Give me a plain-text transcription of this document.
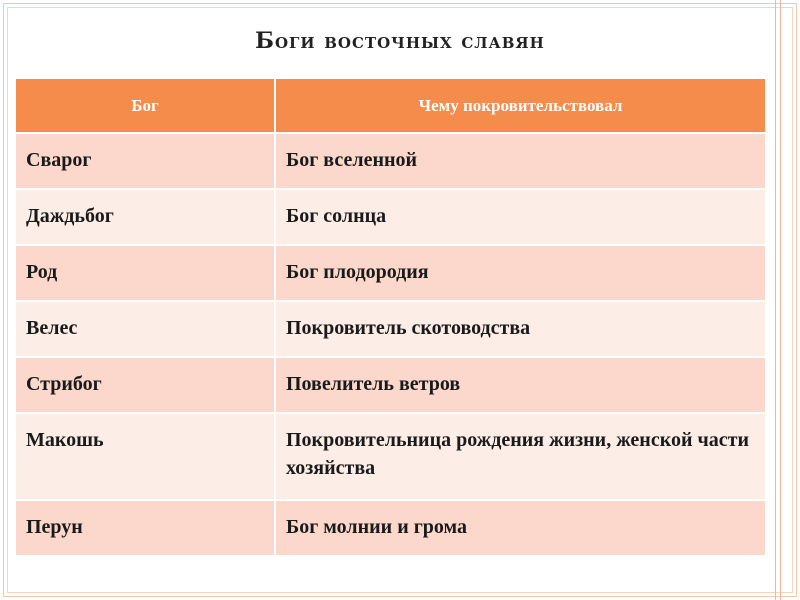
Боги восточных славян
Бог	Чему покровительствовал
Сварог	Бог вселенной
Даждьбог	Бог солнца
Род	Бог плодородия
Велес	Покровитель скотоводства
Стрибог	Повелитель ветров
Макошь	Покровительница рождения жизни, женской части хозяйства
Перун	Бог молнии и грома
